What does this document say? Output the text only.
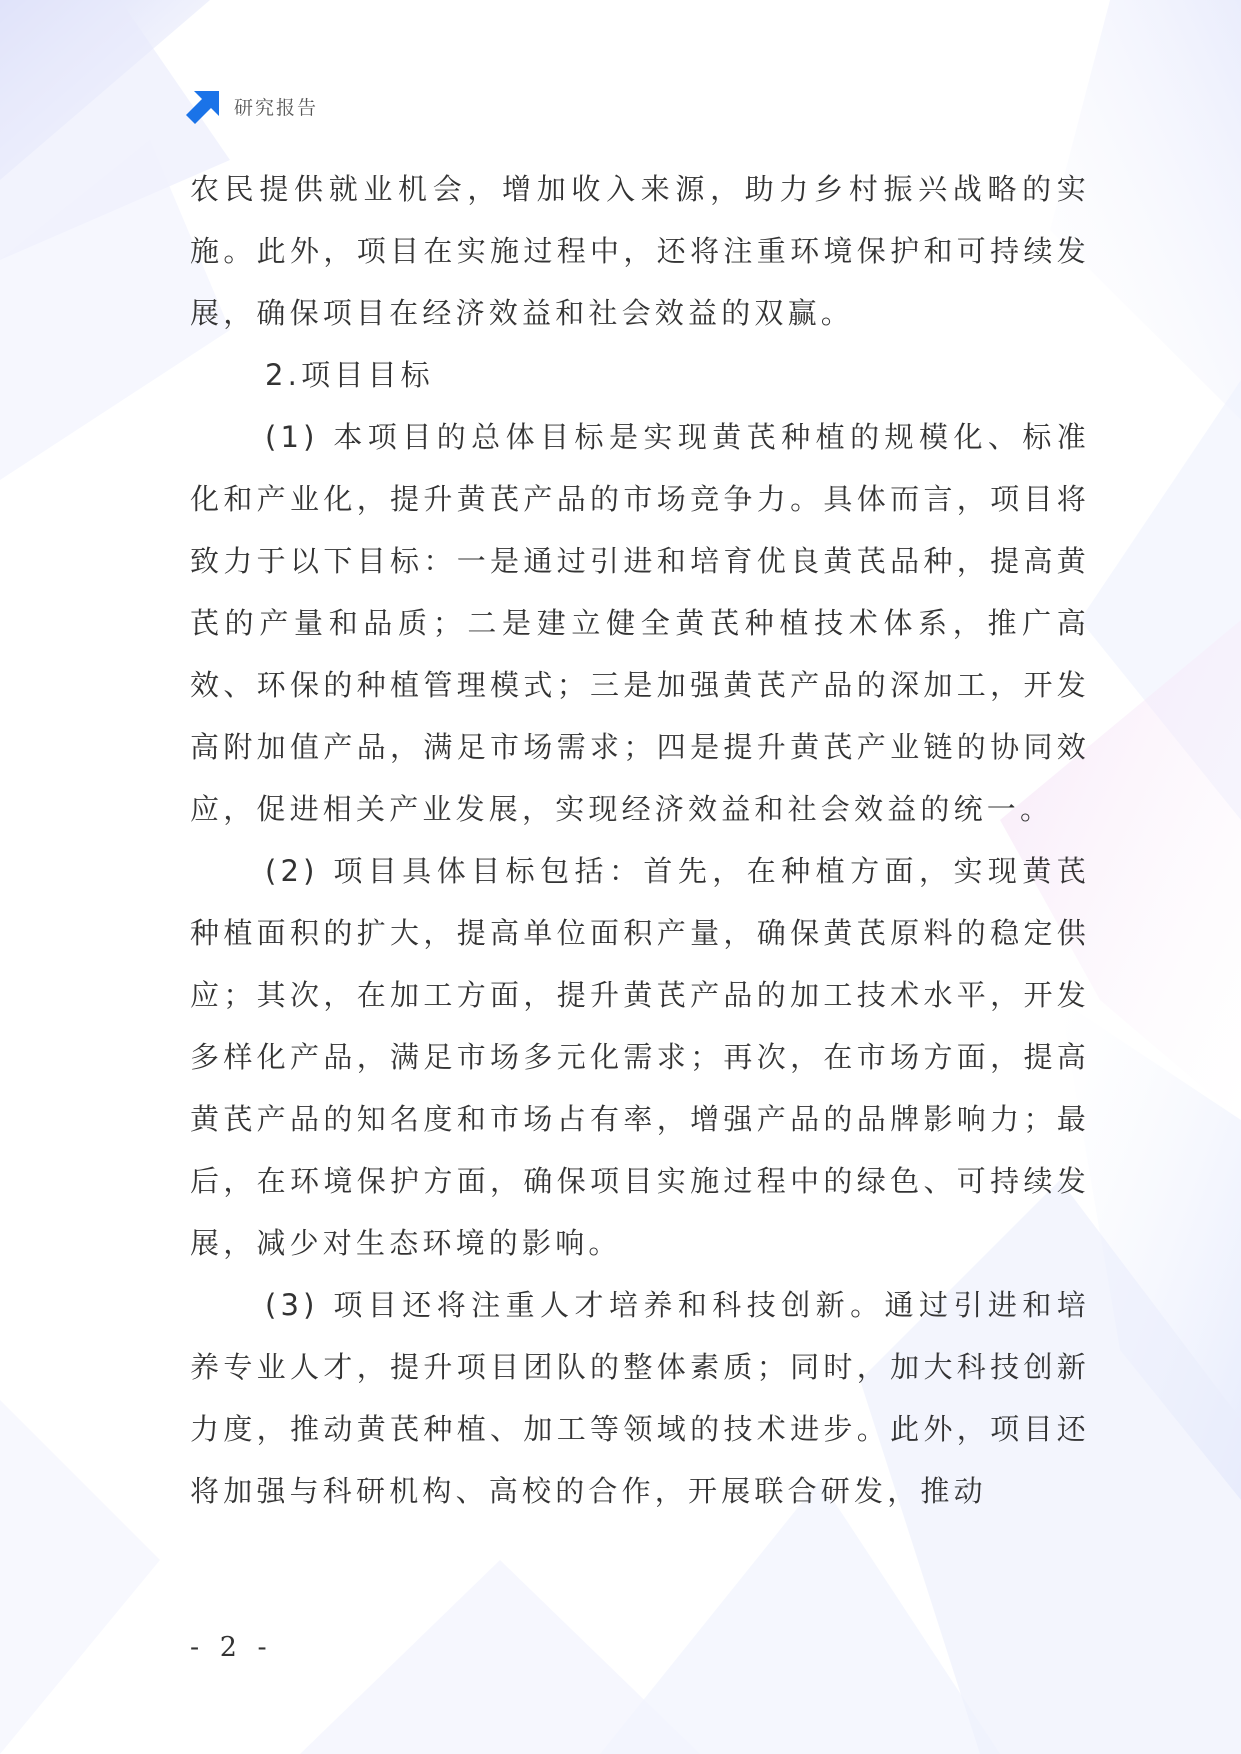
研究报告

农民提供就业机会，增加收入来源，助力乡村振兴战略的实施。此外，项目在实施过程中，还将注重环境保护和可持续发展，确保项目在经济效益和社会效益的双赢。

2.项目目标

(1) 本项目的总体目标是实现黄芪种植的规模化、标准化和产业化，提升黄芪产品的市场竞争力。具体而言，项目将致力于以下目标：一是通过引进和培育优良黄芪品种，提高黄芪的产量和品质；二是建立健全黄芪种植技术体系，推广高效、环保的种植管理模式；三是加强黄芪产品的深加工，开发高附加值产品，满足市场需求；四是提升黄芪产业链的协同效应，促进相关产业发展，实现经济效益和社会效益的统一。

(2) 项目具体目标包括：首先，在种植方面，实现黄芪种植面积的扩大，提高单位面积产量，确保黄芪原料的稳定供应；其次，在加工方面，提升黄芪产品的加工技术水平，开发多样化产品，满足市场多元化需求；再次，在市场方面，提高黄芪产品的知名度和市场占有率，增强产品的品牌影响力；最后，在环境保护方面，确保项目实施过程中的绿色、可持续发展，减少对生态环境的影响。

(3) 项目还将注重人才培养和科技创新。通过引进和培养专业人才，提升项目团队的整体素质；同时，加大科技创新力度，推动黄芪种植、加工等领域的技术进步。此外，项目还将加强与科研机构、高校的合作，开展联合研发，推动

- 2 -
